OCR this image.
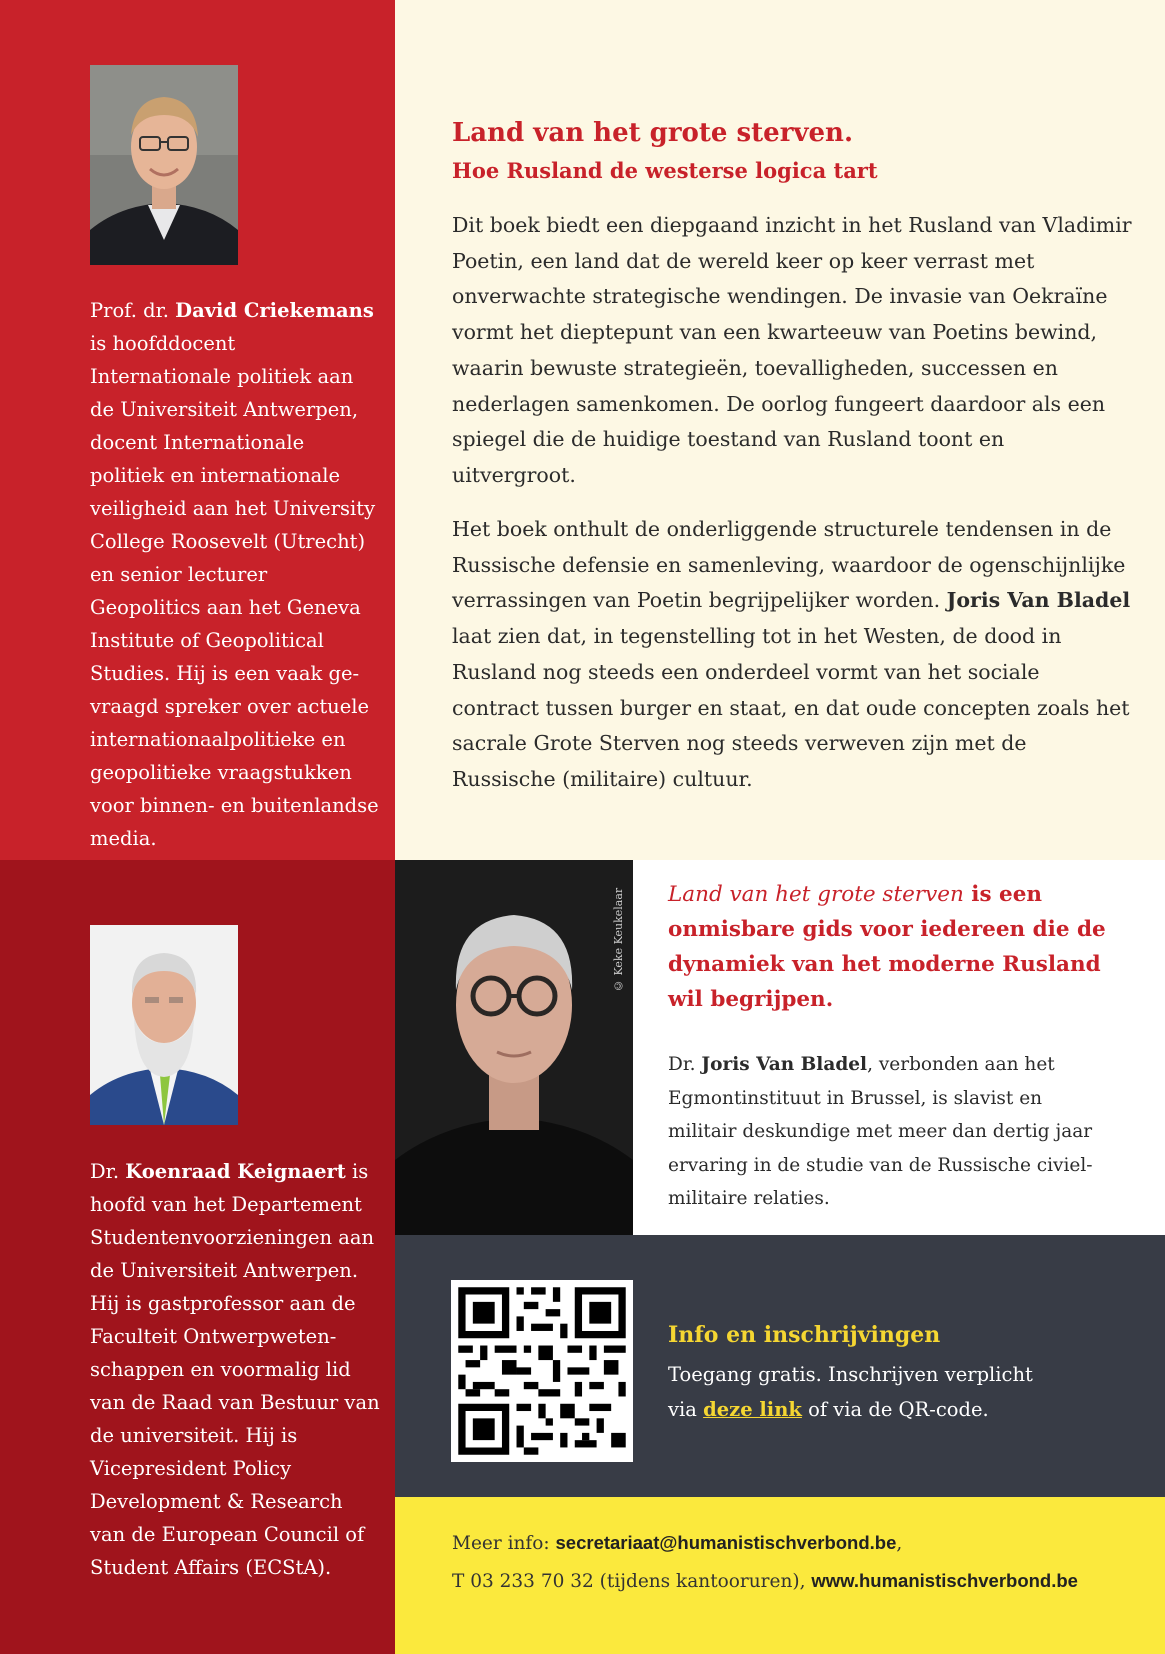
Prof. dr. David Criekemans is hoofddocent Internationale politiek aan de Universiteit Antwerpen, docent Internationale politiek en internationale veiligheid aan het University College Roosevelt (Utrecht) en senior lecturer Geopolitics aan het Geneva Institute of Geopolitical Studies. Hij is een vaak gevraagd spreker over actuele internationaalpolitieke en geopolitieke vraagstukken voor binnen- en buitenlandse media.
Dr. Koenraad Keignaert is hoofd van het Departement Studentenvoorzieningen aan de Universiteit Antwerpen. Hij is gastprofessor aan de Faculteit Ontwerpwetenschappen en voormalig lid van de Raad van Bestuur van de universiteit. Hij is Vicepresident Policy Development & Research van de European Council of Student Affairs (ECStA).
Land van het grote sterven.
Hoe Rusland de westerse logica tart
Dit boek biedt een diepgaand inzicht in het Rusland van Vladimir Poetin, een land dat de wereld keer op keer verrast met onverwachte strategische wendingen. De invasie van Oekraïne vormt het dieptepunt van een kwarteeuw van Poetins bewind, waarin bewuste strategieën, toevalligheden, successen en nederlagen samenkomen. De oorlog fungeert daardoor als een spiegel die de huidige toestand van Rusland toont en uitvergroot.
Het boek onthult de onderliggende structurele tendensen in de Russische defensie en samenleving, waardoor de ogenschijnlijke verrassingen van Poetin begrijpelijker worden. Joris Van Bladel laat zien dat, in tegenstelling tot in het Westen, de dood in Rusland nog steeds een onderdeel vormt van het sociale contract tussen burger en staat, en dat oude concepten zoals het sacrale Grote Sterven nog steeds verweven zijn met de Russische (militaire) cultuur.
© Keke Keukelaar	Land van het grote sterven is een onmisbare gids voor iedereen die de dynamiek van het moderne Rusland wil begrijpen.
Dr. Joris Van Bladel, verbonden aan het Egmontinstituut in Brussel, is slavist en militair deskundige met meer dan dertig jaar ervaring in de studie van de Russische civiel-militaire relaties.
Info en inschrijvingen
Toegang gratis. Inschrijven verplicht
via deze link of via de QR-code.
Meer info: secretariaat@humanistischverbond.be,
T 03 233 70 32 (tijdens kantooruren), www.humanistischverbond.be
